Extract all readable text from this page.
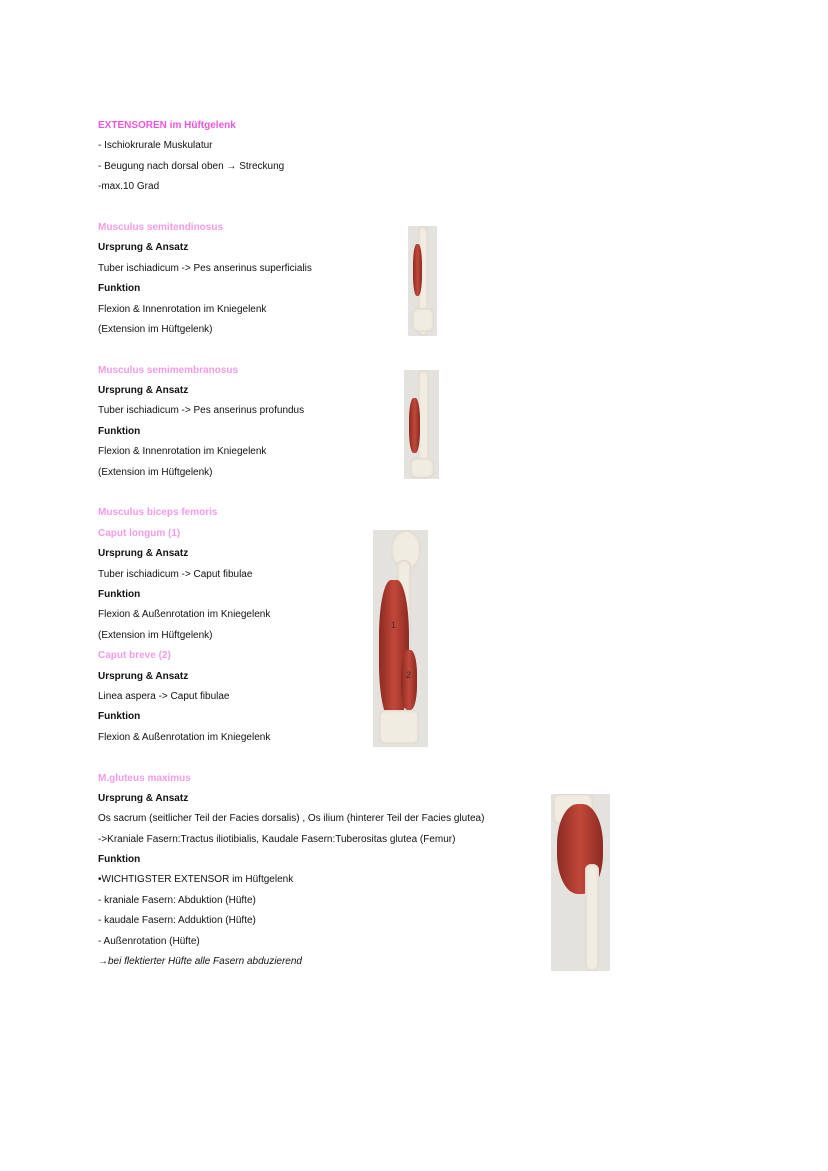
EXTENSOREN im Hüftgelenk
- Ischiokrurale Muskulatur
- Beugung nach dorsal oben → Streckung
-max.10 Grad
Musculus semitendinosus
Ursprung & Ansatz
Tuber ischiadicum -> Pes anserinus superficialis
Funktion
Flexion & Innenrotation im Kniegelenk
(Extension im Hüftgelenk)
Musculus semimembranosus
Ursprung & Ansatz
Tuber ischiadicum -> Pes anserinus profundus
Funktion
Flexion & Innenrotation im Kniegelenk
(Extension im Hüftgelenk)
Musculus biceps femoris
Caput longum (1)
Ursprung & Ansatz
Tuber ischiadicum -> Caput fibulae
Funktion
Flexion & Außenrotation im Kniegelenk
(Extension im Hüftgelenk)
Caput breve (2)
Ursprung & Ansatz
Linea aspera -> Caput fibulae
Funktion
Flexion & Außenrotation im Kniegelenk
M.gluteus maximus
Ursprung & Ansatz
Os sacrum (seitlicher Teil der Facies dorsalis) , Os ilium (hinterer Teil der Facies glutea)
->Kraniale Fasern:Tractus iliotibialis, Kaudale Fasern:Tuberositas glutea (Femur)
Funktion
•WICHTIGSTER EXTENSOR im Hüftgelenk
- kraniale Fasern: Abduktion (Hüfte)
- kaudale Fasern: Adduktion (Hüfte)
- Außenrotation (Hüfte)
→bei flektierter Hüfte alle Fasern abduzierend
1
2
